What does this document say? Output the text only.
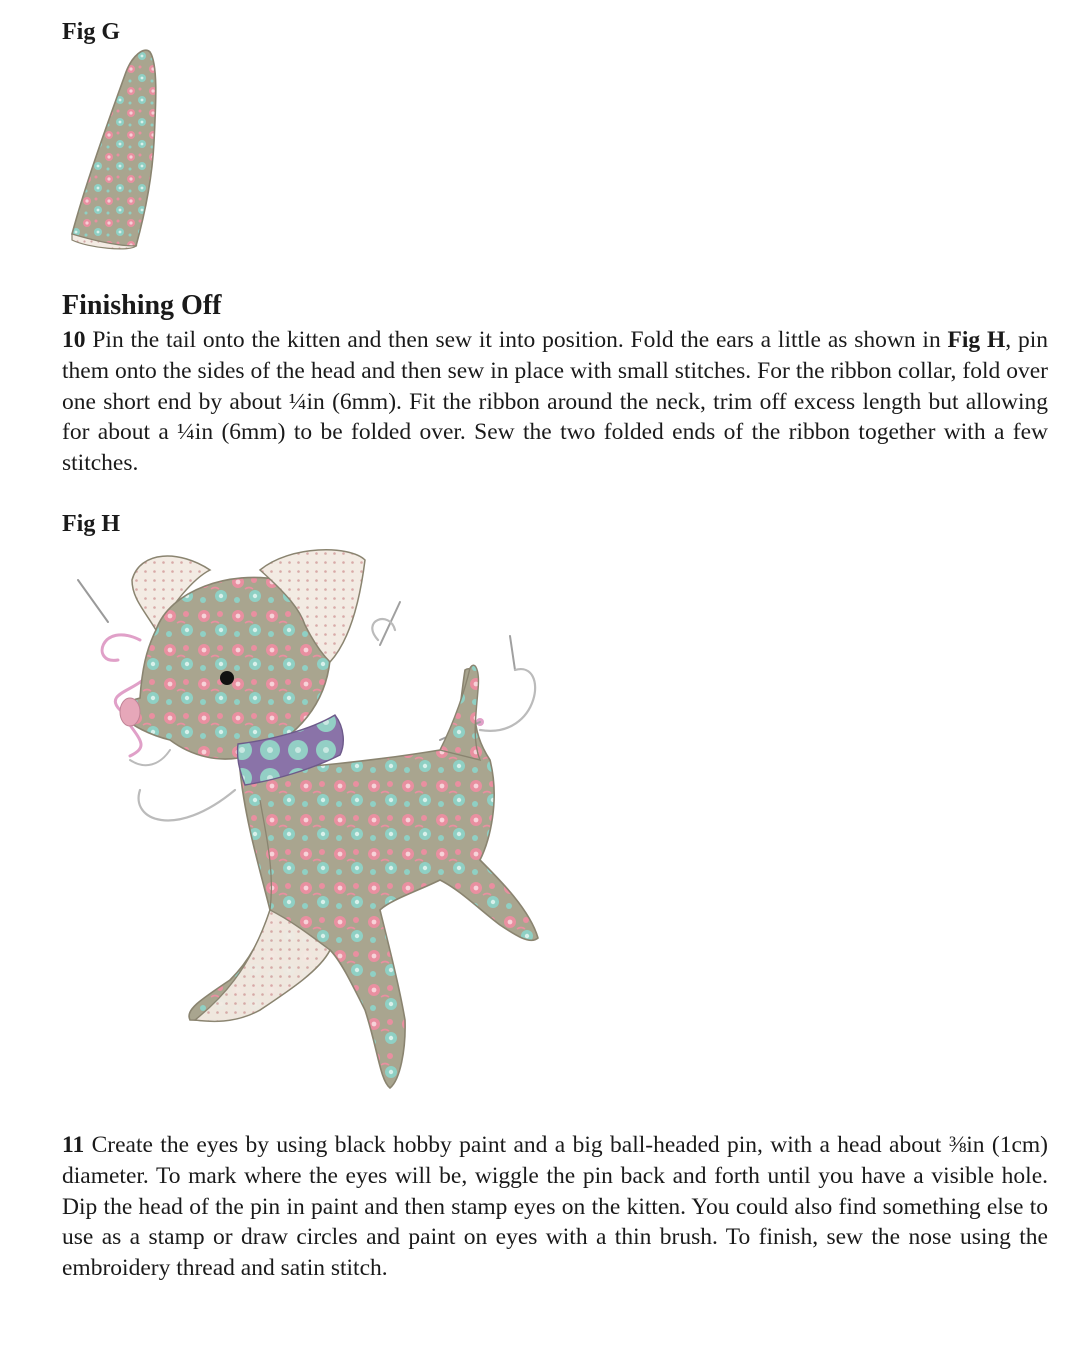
Fig G
Finishing Off

10 Pin the tail onto the kitten and then sew it into position. Fold the ears a little as shown in Fig H, pin them onto the sides of the head and then sew in place with small stitches. For the ribbon collar, fold over one short end by about ¼in (6mm). Fit the ribbon around the neck, trim off excess length but allowing for about a ¼in (6mm) to be folded over. Sew the two folded ends of the ribbon together with a few stitches.

Fig H

11 Create the eyes by using black hobby paint and a big ball-headed pin, with a head about ⅜in (1cm) diameter. To mark where the eyes will be, wiggle the pin back and forth until you have a visible hole. Dip the head of the pin in paint and then stamp eyes on the kitten. You could also find something else to use as a stamp or draw circles and paint on eyes with a thin brush. To finish, sew the nose using the embroidery thread and satin stitch.
